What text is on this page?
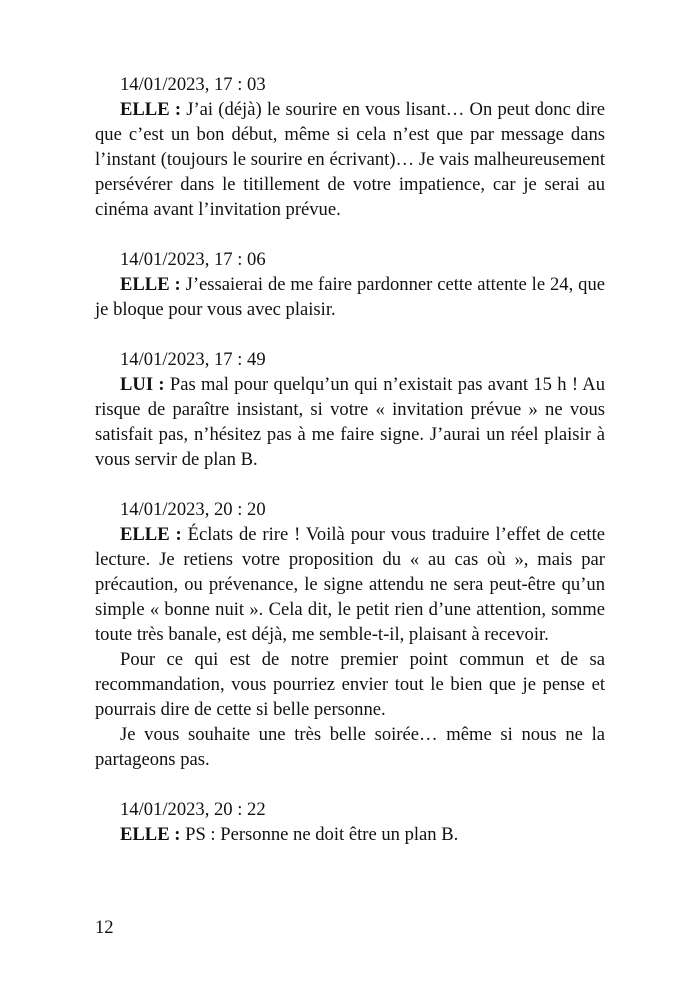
14/01/2023, 17 : 03

ELLE : J’ai (déjà) le sourire en vous lisant… On peut donc dire que c’est un bon début, même si cela n’est que par message dans l’instant (toujours le sourire en écrivant)… Je vais malheureusement persévérer dans le titillement de votre impatience, car je serai au cinéma avant l’invitation prévue.

14/01/2023, 17 : 06

ELLE : J’essaierai de me faire pardonner cette attente le 24, que je bloque pour vous avec plaisir.

14/01/2023, 17 : 49

LUI : Pas mal pour quelqu’un qui n’existait pas avant 15 h ! Au risque de paraître insistant, si votre « invitation prévue » ne vous satisfait pas, n’hésitez pas à me faire signe. J’aurai un réel plaisir à vous servir de plan B.

14/01/2023, 20 : 20

ELLE : Éclats de rire ! Voilà pour vous traduire l’effet de cette lecture. Je retiens votre proposition du « au cas où », mais par précaution, ou prévenance, le signe attendu ne sera peut-être qu’un simple « bonne nuit ». Cela dit, le petit rien d’une attention, somme toute très banale, est déjà, me semble-t-il, plaisant à recevoir.

Pour ce qui est de notre premier point commun et de sa recommandation, vous pourriez envier tout le bien que je pense et pourrais dire de cette si belle personne.

Je vous souhaite une très belle soirée… même si nous ne la partageons pas.

14/01/2023, 20 : 22

ELLE : PS : Personne ne doit être un plan B.

12
